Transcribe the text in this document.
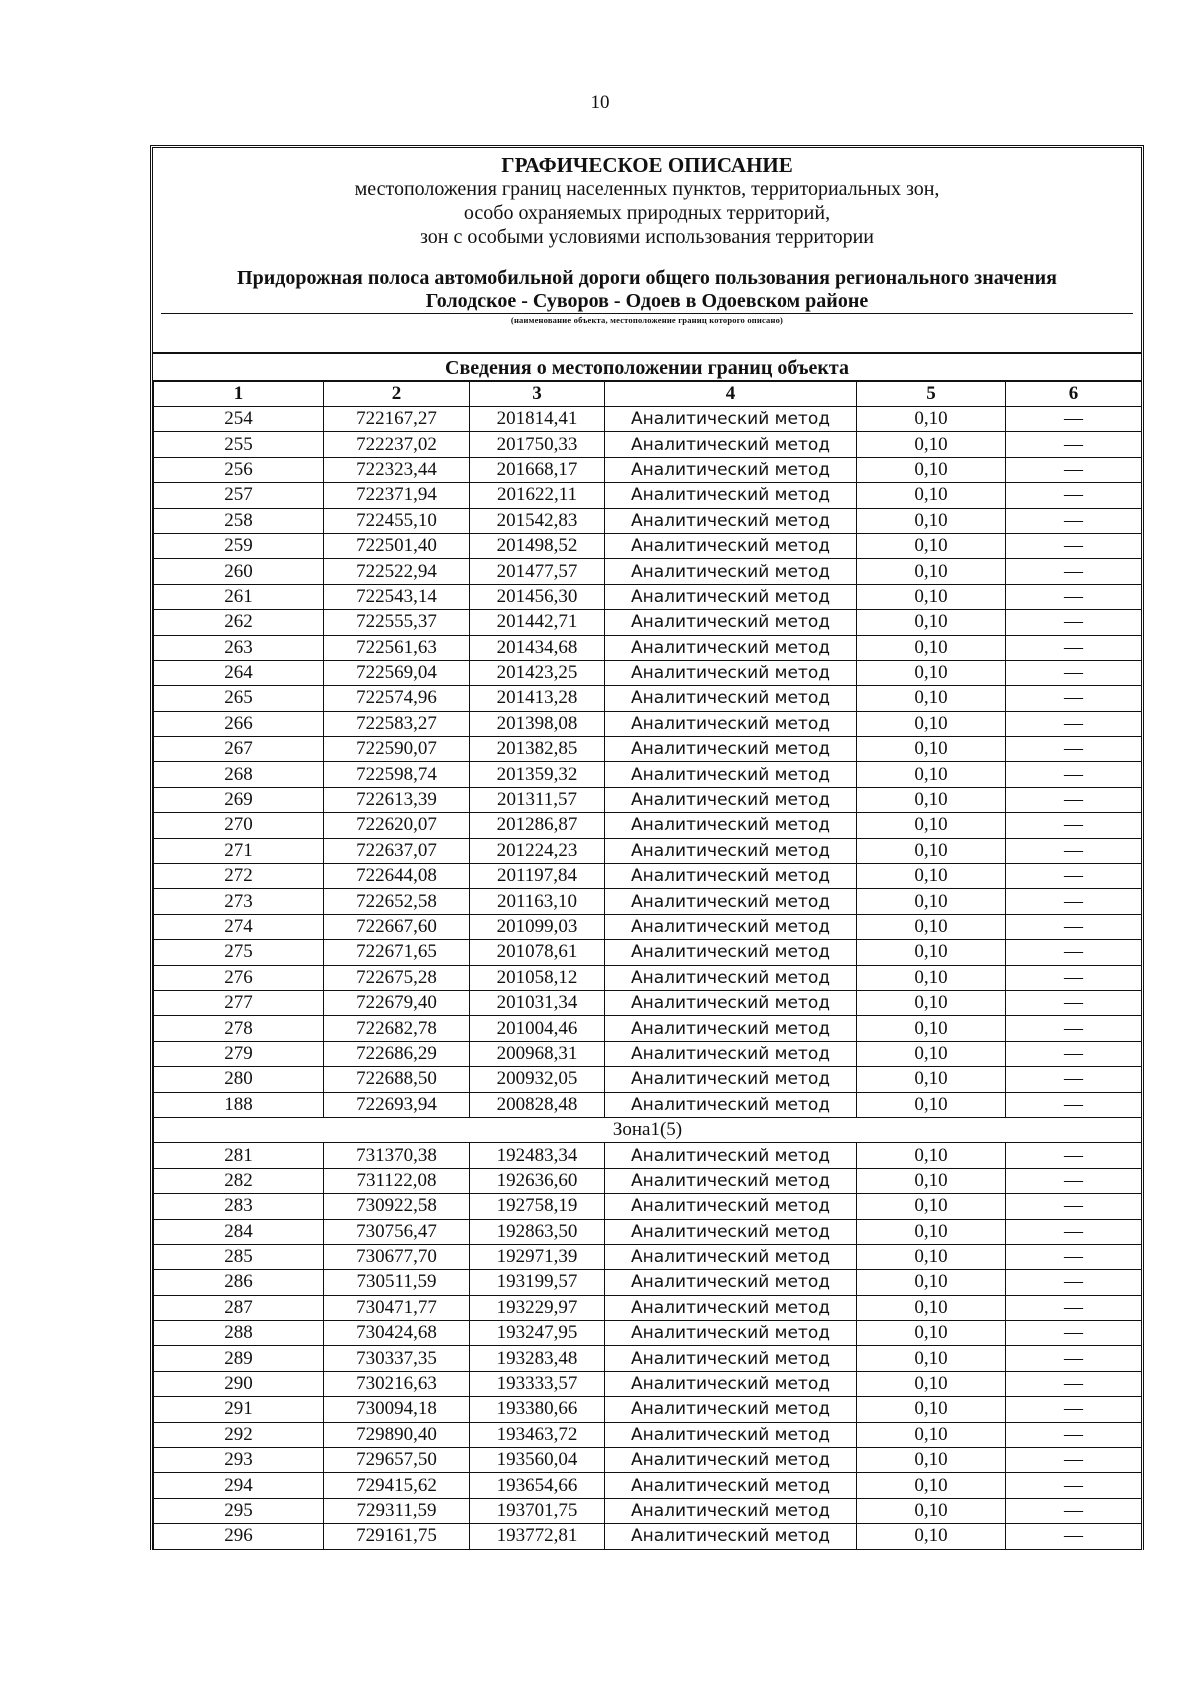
10
ГРАФИЧЕСКОЕ ОПИСАНИЕ
местоположения границ населенных пунктов, территориальных зон,
особо охраняемых природных территорий,
зон с особыми условиями использования территории
Придорожная полоса автомобильной дороги общего пользования регионального значения
Голодское - Суворов - Одоев в Одоевском районе
(наименование объекта, местоположение границ которого описано)
Сведения о местоположении границ объекта
1	2	3	4	5	6
254	722167,27	201814,41	Аналитический метод	0,10	—
255	722237,02	201750,33	Аналитический метод	0,10	—
256	722323,44	201668,17	Аналитический метод	0,10	—
257	722371,94	201622,11	Аналитический метод	0,10	—
258	722455,10	201542,83	Аналитический метод	0,10	—
259	722501,40	201498,52	Аналитический метод	0,10	—
260	722522,94	201477,57	Аналитический метод	0,10	—
261	722543,14	201456,30	Аналитический метод	0,10	—
262	722555,37	201442,71	Аналитический метод	0,10	—
263	722561,63	201434,68	Аналитический метод	0,10	—
264	722569,04	201423,25	Аналитический метод	0,10	—
265	722574,96	201413,28	Аналитический метод	0,10	—
266	722583,27	201398,08	Аналитический метод	0,10	—
267	722590,07	201382,85	Аналитический метод	0,10	—
268	722598,74	201359,32	Аналитический метод	0,10	—
269	722613,39	201311,57	Аналитический метод	0,10	—
270	722620,07	201286,87	Аналитический метод	0,10	—
271	722637,07	201224,23	Аналитический метод	0,10	—
272	722644,08	201197,84	Аналитический метод	0,10	—
273	722652,58	201163,10	Аналитический метод	0,10	—
274	722667,60	201099,03	Аналитический метод	0,10	—
275	722671,65	201078,61	Аналитический метод	0,10	—
276	722675,28	201058,12	Аналитический метод	0,10	—
277	722679,40	201031,34	Аналитический метод	0,10	—
278	722682,78	201004,46	Аналитический метод	0,10	—
279	722686,29	200968,31	Аналитический метод	0,10	—
280	722688,50	200932,05	Аналитический метод	0,10	—
188	722693,94	200828,48	Аналитический метод	0,10	—
Зона1(5)					
281	731370,38	192483,34	Аналитический метод	0,10	—
282	731122,08	192636,60	Аналитический метод	0,10	—
283	730922,58	192758,19	Аналитический метод	0,10	—
284	730756,47	192863,50	Аналитический метод	0,10	—
285	730677,70	192971,39	Аналитический метод	0,10	—
286	730511,59	193199,57	Аналитический метод	0,10	—
287	730471,77	193229,97	Аналитический метод	0,10	—
288	730424,68	193247,95	Аналитический метод	0,10	—
289	730337,35	193283,48	Аналитический метод	0,10	—
290	730216,63	193333,57	Аналитический метод	0,10	—
291	730094,18	193380,66	Аналитический метод	0,10	—
292	729890,40	193463,72	Аналитический метод	0,10	—
293	729657,50	193560,04	Аналитический метод	0,10	—
294	729415,62	193654,66	Аналитический метод	0,10	—
295	729311,59	193701,75	Аналитический метод	0,10	—
296	729161,75	193772,81	Аналитический метод	0,10	—
